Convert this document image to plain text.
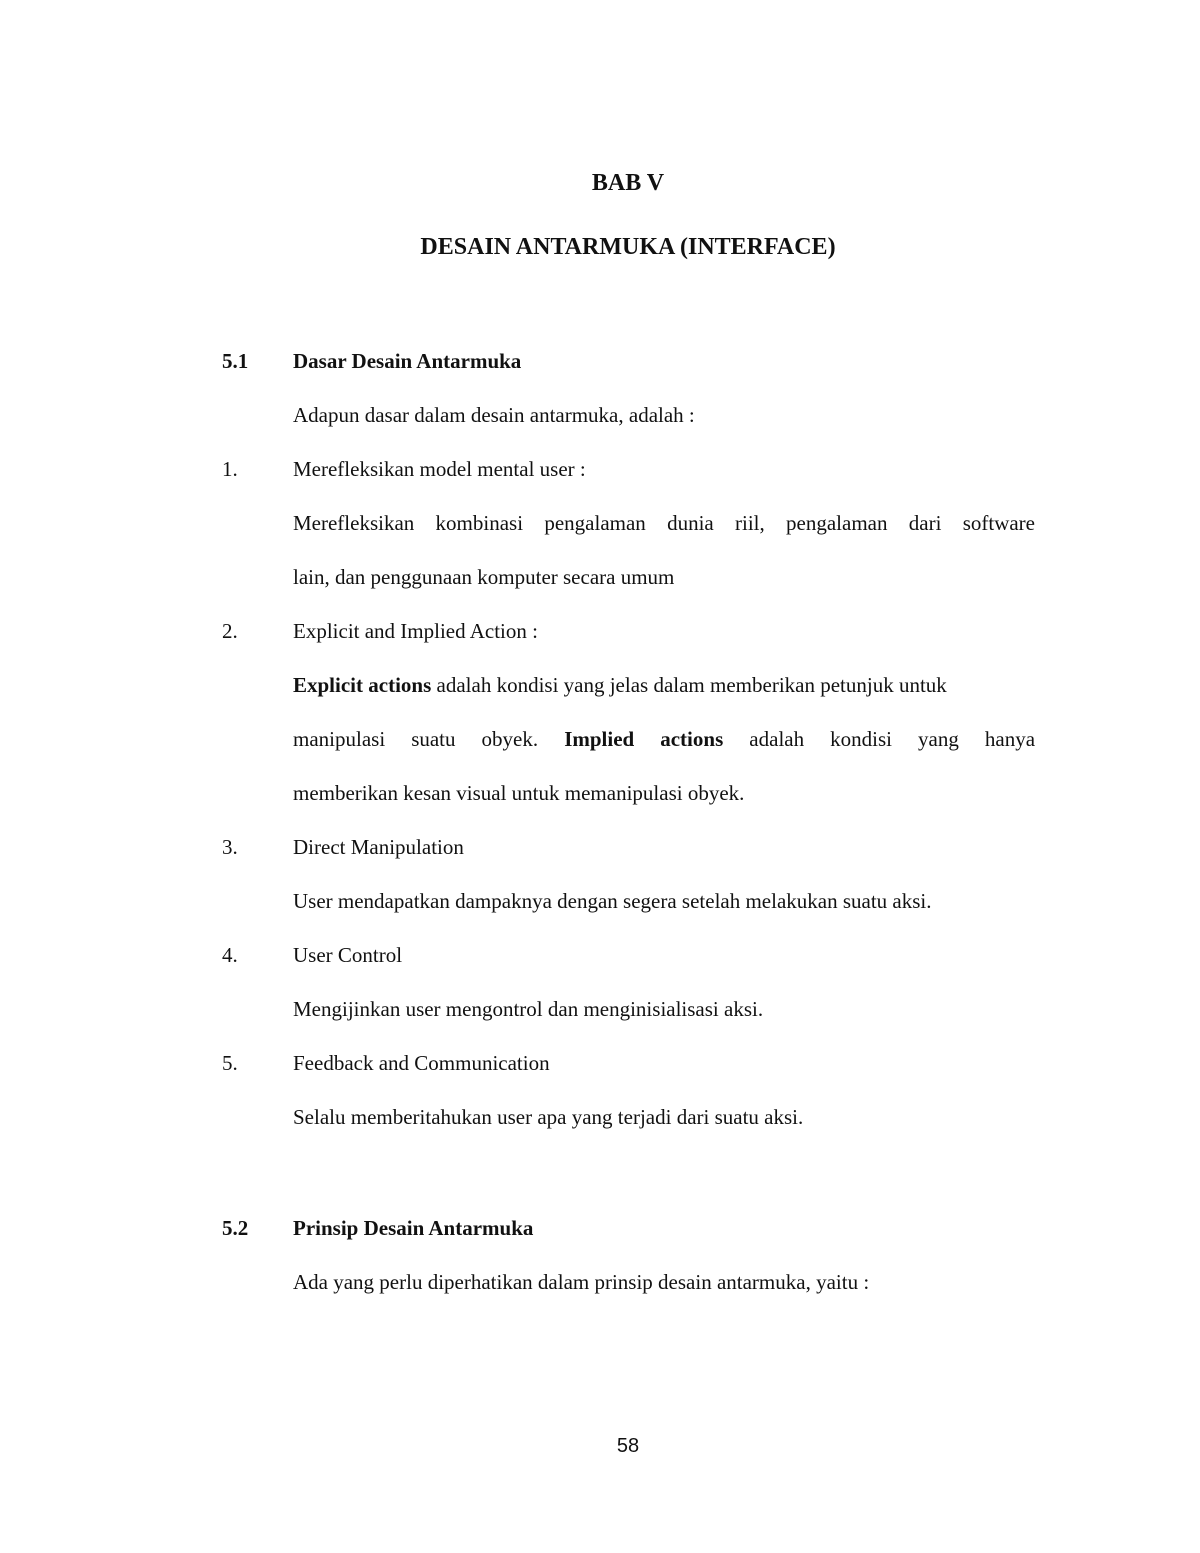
BAB V
DESAIN ANTARMUKA (INTERFACE)
5.1 Dasar Desain Antarmuka
Adapun dasar dalam desain antarmuka, adalah :
1.	Merefleksikan model mental user :
Merefleksikan kombinasi pengalaman dunia riil, pengalaman dari software
lain, dan penggunaan komputer secara umum
2.	Explicit and Implied Action :
Explicit actions adalah kondisi yang jelas dalam memberikan petunjuk untuk
manipulasi suatu obyek. Implied actions adalah kondisi yang hanya
memberikan kesan visual untuk memanipulasi obyek.
3.	Direct Manipulation
User mendapatkan dampaknya dengan segera setelah melakukan suatu aksi.
4.	User Control
Mengijinkan user mengontrol dan menginisialisasi aksi.
5.	Feedback and Communication
Selalu memberitahukan user apa yang terjadi dari suatu aksi.
5.2 Prinsip Desain Antarmuka
Ada yang perlu diperhatikan dalam prinsip desain antarmuka, yaitu :
58
